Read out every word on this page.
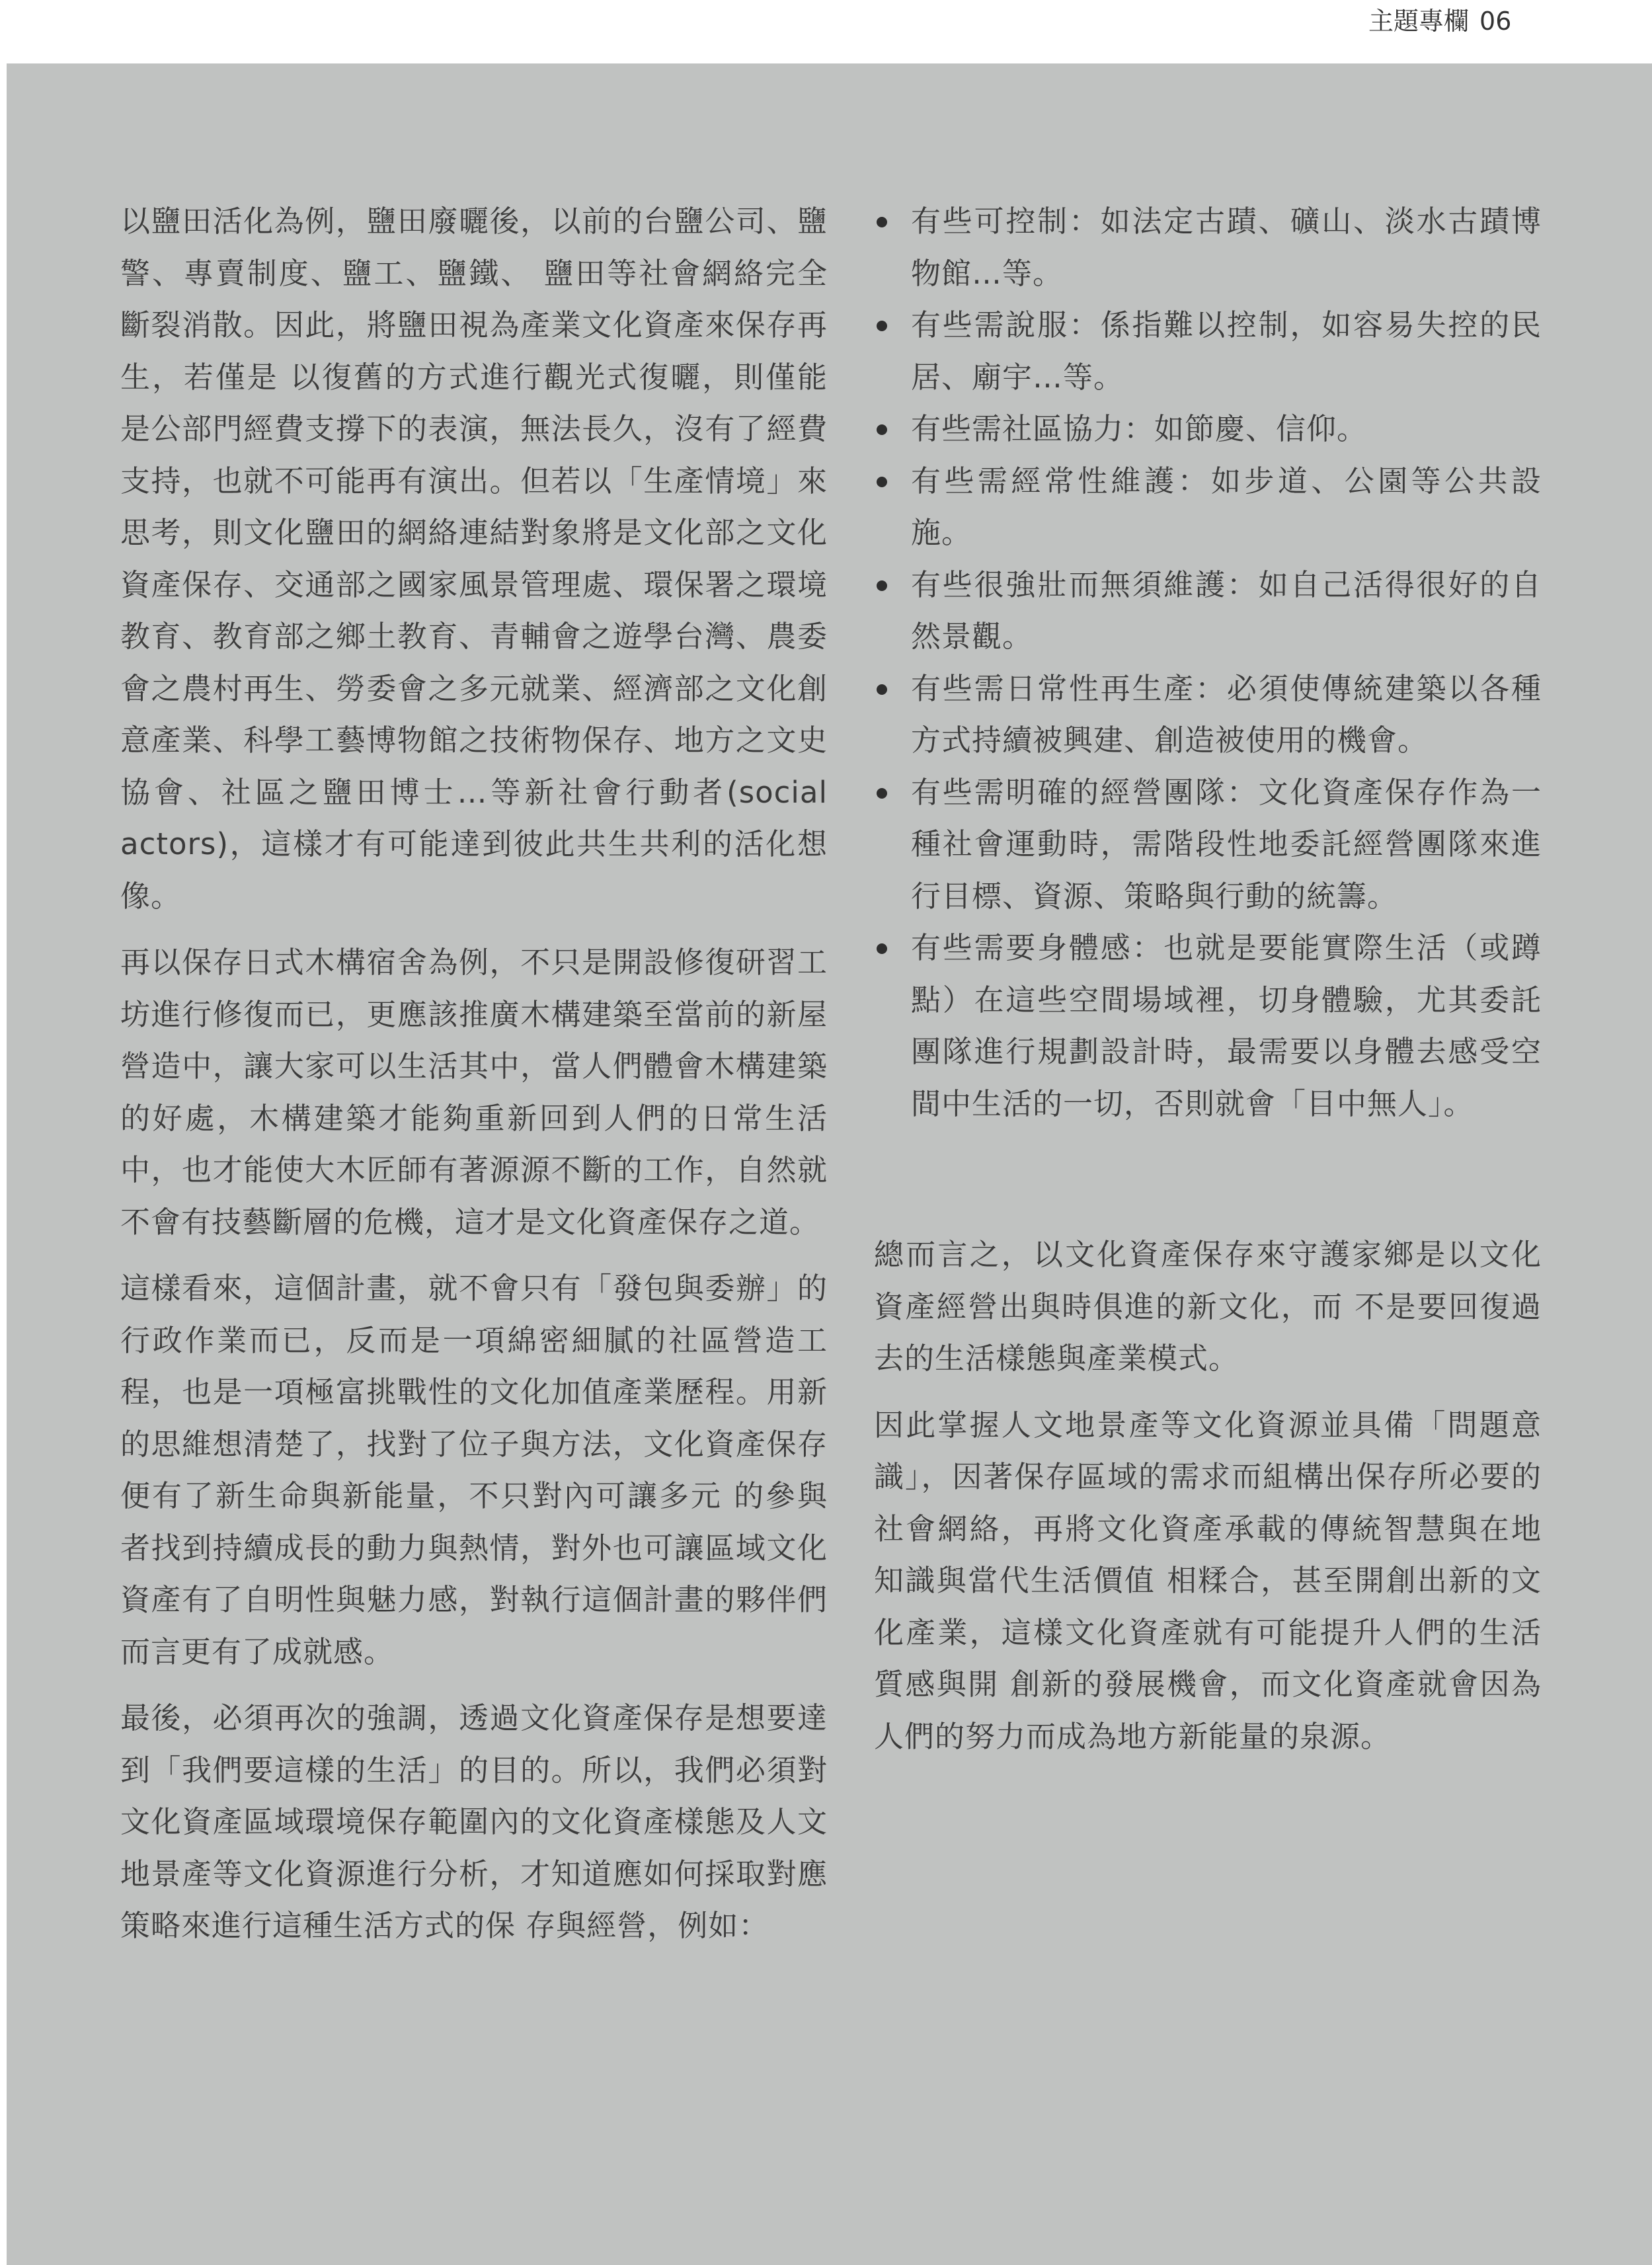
主題專欄 06

以鹽田活化為例，鹽田廢曬後，以前的台鹽公司、鹽警、專賣制度、鹽工、鹽鐵、 鹽田等社會網絡完全斷裂消散。因此，將鹽田視為產業文化資產來保存再生，若僅是 以復舊的方式進行觀光式復曬，則僅能是公部門經費支撐下的表演，無法長久，沒有了經費支持，也就不可能再有演出。但若以「生產情境」來思考，則文化鹽田的網絡連結對象將是文化部之文化資產保存、交通部之國家風景管理處、環保署之環境教育、教育部之鄉土教育、青輔會之遊學台灣、農委會之農村再生、勞委會之多元就業、經濟部之文化創意產業、科學工藝博物館之技術物保存、地方之文史協會、社區之鹽田博士…等新社會行動者(social actors)，這樣才有可能達到彼此共生共利的活化想像。

再以保存日式木構宿舍為例，不只是開設修復研習工坊進行修復而已，更應該推廣木構建築至當前的新屋營造中，讓大家可以生活其中，當人們體會木構建築的好處，木構建築才能夠重新回到人們的日常生活中，也才能使大木匠師有著源源不斷的工作，自然就不會有技藝斷層的危機，這才是文化資產保存之道。

這樣看來，這個計畫，就不會只有「發包與委辦」的行政作業而已，反而是一項綿密細膩的社區營造工程，也是一項極富挑戰性的文化加值產業歷程。用新的思維想清楚了，找對了位子與方法，文化資產保存便有了新生命與新能量，不只對內可讓多元 的參與者找到持續成長的動力與熱情，對外也可讓區域文化資產有了自明性與魅力感，對執行這個計畫的夥伴們而言更有了成就感。

最後，必須再次的強調，透過文化資產保存是想要達到「我們要這樣的生活」的目的。所以，我們必須對文化資產區域環境保存範圍內的文化資產樣態及人文地景產等文化資源進行分析，才知道應如何採取對應策略來進行這種生活方式的保 存與經營，例如：

有些可控制：如法定古蹟、礦山、淡水古蹟博物館…等。
有些需說服：係指難以控制，如容易失控的民居、廟宇…等。
有些需社區協力：如節慶、信仰。
有些需經常性維護：如步道、公園等公共設施。
有些很強壯而無須維護：如自己活得很好的自然景觀。
有些需日常性再生產：必須使傳統建築以各種方式持續被興建、創造被使用的機會。
有些需明確的經營團隊：文化資產保存作為一種社會運動時，需階段性地委託經營團隊來進行目標、資源、策略與行動的統籌。
有些需要身體感：也就是要能實際生活（或蹲點）在這些空間場域裡，切身體驗，尤其委託團隊進行規劃設計時，最需要以身體去感受空間中生活的一切，否則就會「目中無人」。

總而言之，以文化資產保存來守護家鄉是以文化資產經營出與時俱進的新文化，而 不是要回復過去的生活樣態與產業模式。

因此掌握人文地景產等文化資源並具備「問題意識」，因著保存區域的需求而組構出保存所必要的社會網絡，再將文化資產承載的傳統智慧與在地知識與當代生活價值 相糅合，甚至開創出新的文化產業，這樣文化資產就有可能提升人們的生活質感與開 創新的發展機會，而文化資產就會因為人們的努力而成為地方新能量的泉源。
